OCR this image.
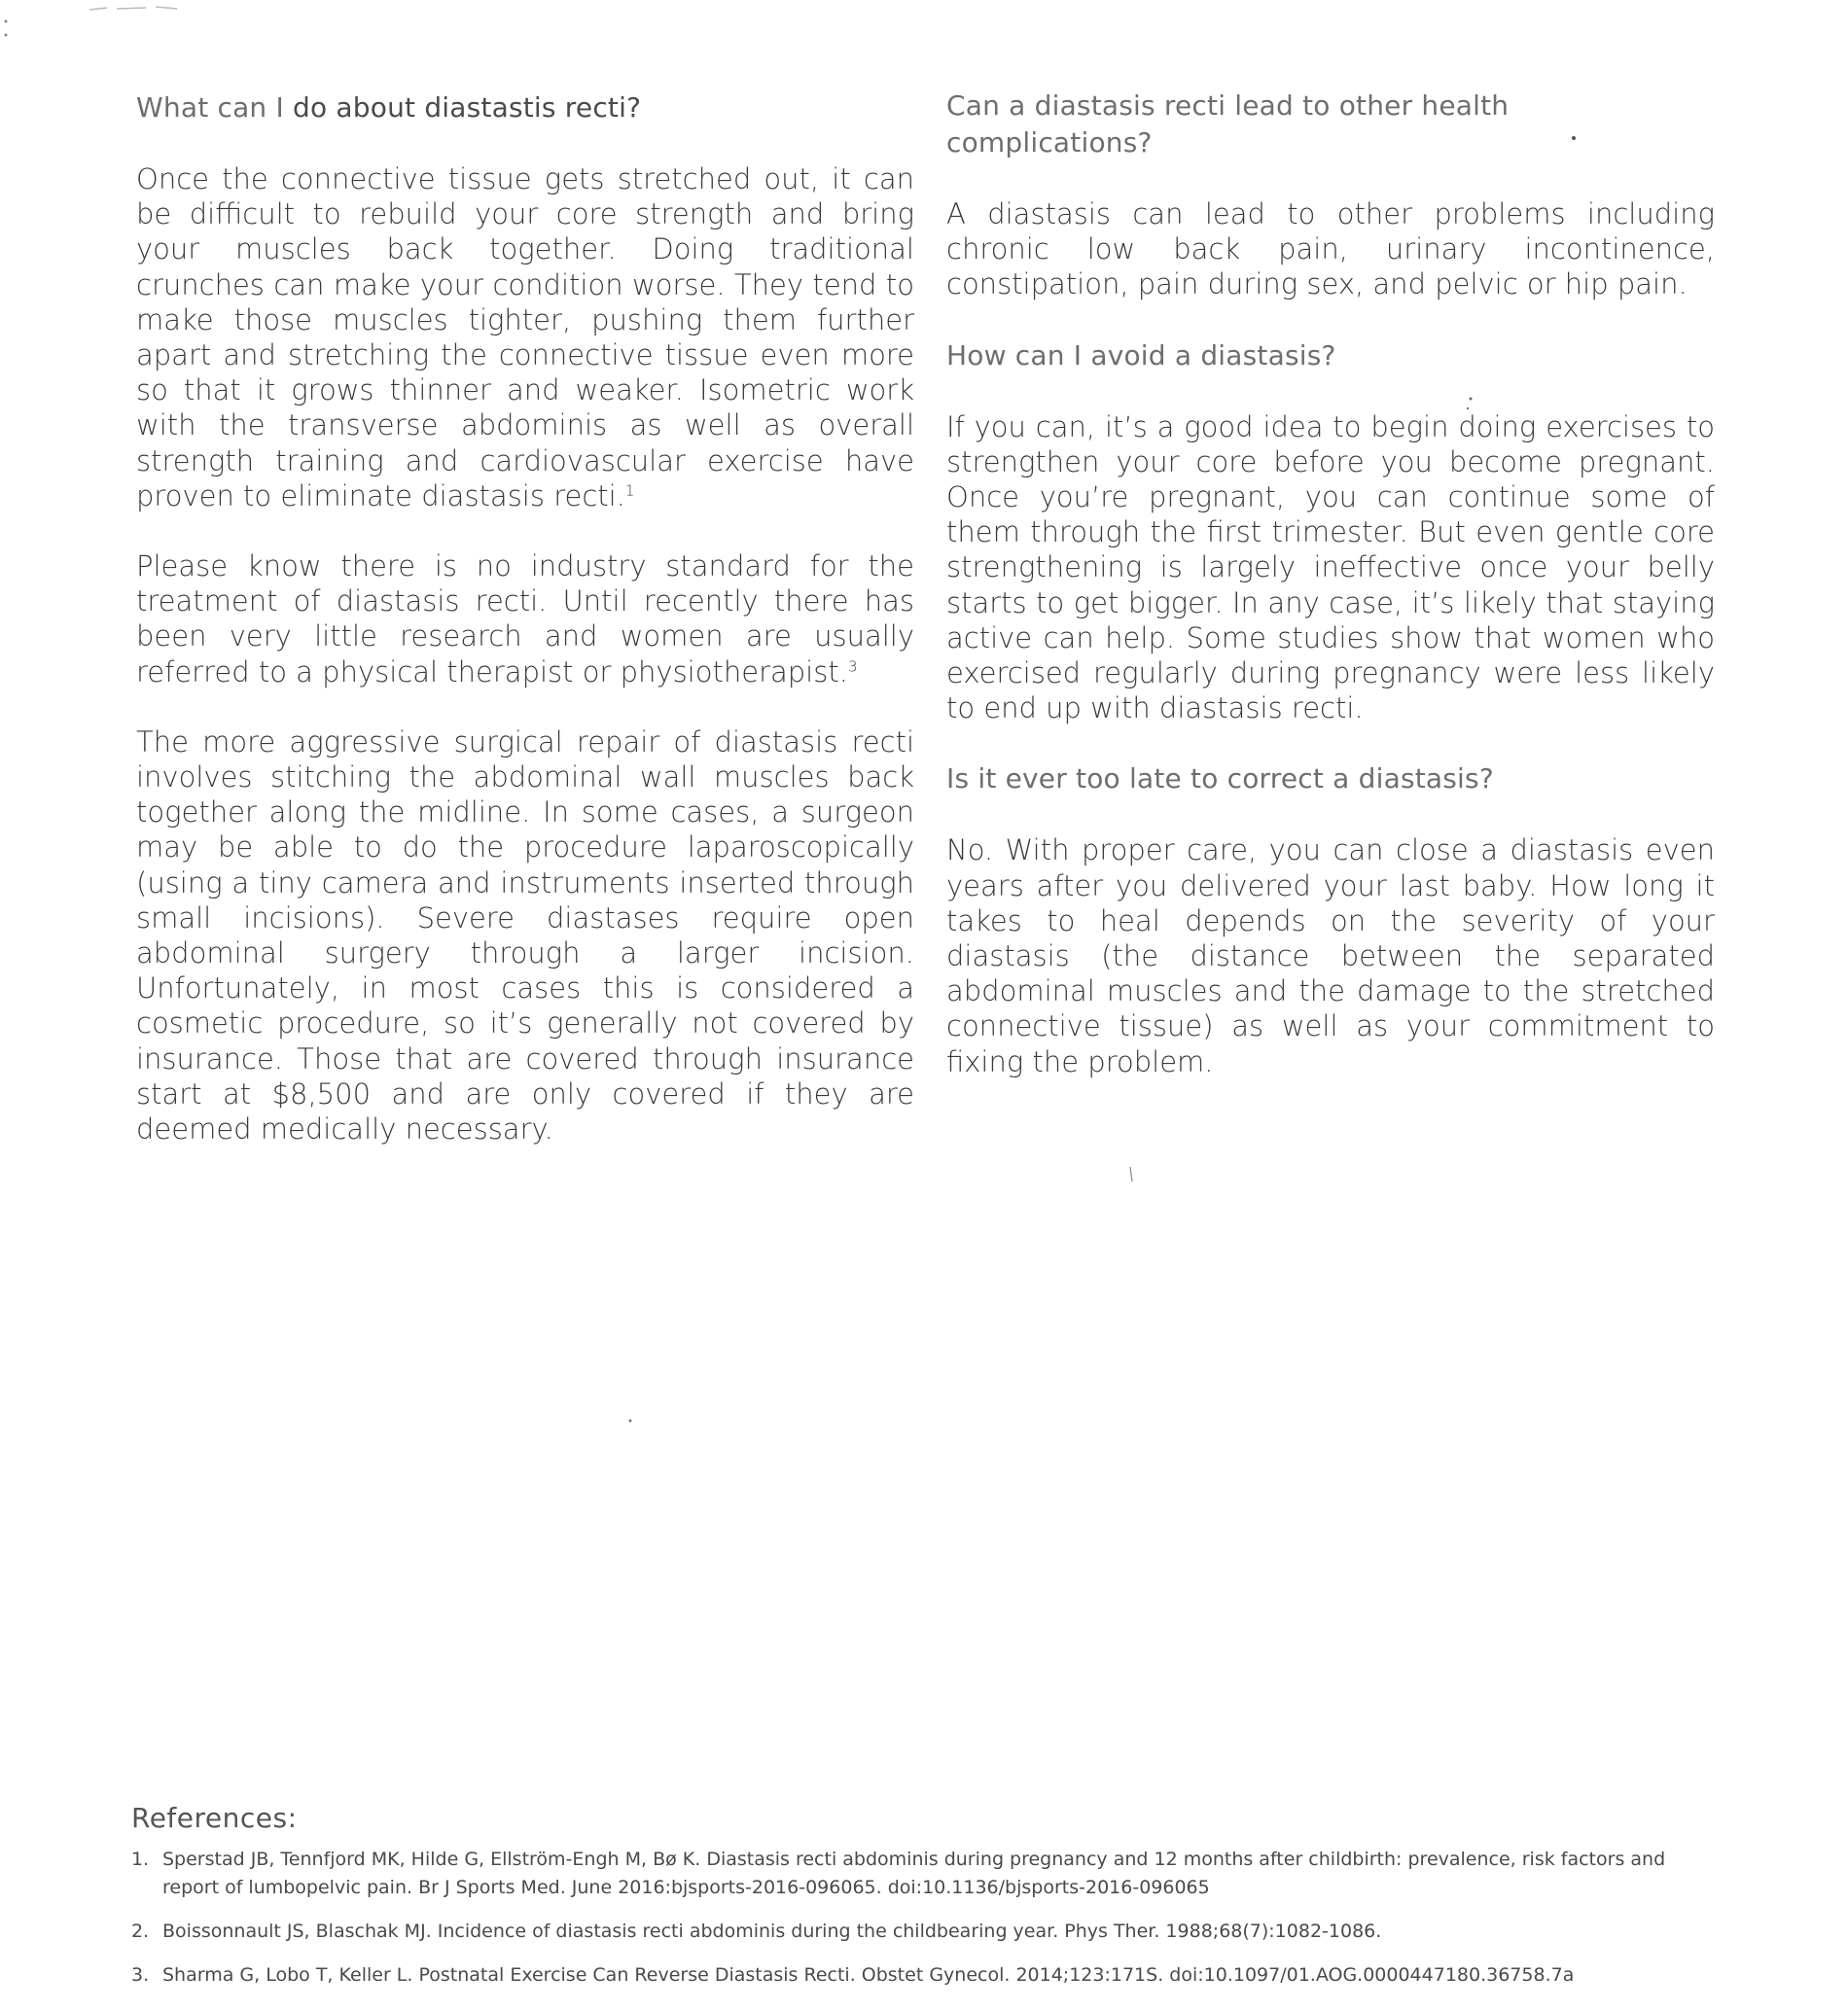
What can I do about diastastis recti?

Once the connective tissue gets stretched out, it can be difficult to rebuild your core strength and bring your muscles back together. Doing traditional crunches can make your condition worse. They tend to make those muscles tighter, pushing them further apart and stretching the connective tissue even more so that it grows thinner and weaker. Isometric work with the transverse abdominis as well as overall strength training and cardiovascular exercise have proven to eliminate diastasis recti.$^1$

Please know there is no industry standard for the treatment of diastasis recti. Until recently there has been very little research and women are usually referred to a physical therapist or physiotherapist.$^3$

The more aggressive surgical repair of diastasis recti involves stitching the abdominal wall muscles back together along the midline. In some cases, a surgeon may be able to do the procedure laparoscopically (using a tiny camera and instruments inserted through small incisions). Severe diastases require open abdominal surgery through a larger incision. Unfortunately, in most cases this is considered a cosmetic procedure, so it’s generally not covered by insurance. Those that are covered through insurance start at $8,500 and are only covered if they are deemed medically necessary.

Can a diastasis recti lead to other health complications?

A diastasis can lead to other problems including chronic low back pain, urinary incontinence, constipation, pain during sex, and pelvic or hip pain.

How can I avoid a diastasis?

If you can, it’s a good idea to begin doing exercises to strengthen your core before you become pregnant. Once you’re pregnant, you can continue some of them through the first trimester. But even gentle core strengthening is largely ineffective once your belly starts to get bigger. In any case, it’s likely that staying active can help. Some studies show that women who exercised regularly during pregnancy were less likely to end up with diastasis recti.

Is it ever too late to correct a diastasis?

No. With proper care, you can close a diastasis even years after you delivered your last baby. How long it takes to heal depends on the severity of your diastasis (the distance between the separated abdominal muscles and the damage to the stretched connective tissue) as well as your commitment to fixing the problem.

References:
1. Sperstad JB, Tennfjord MK, Hilde G, Ellström-Engh M, Bø K. Diastasis recti abdominis during pregnancy and 12 months after childbirth: prevalence, risk factors and report of lumbopelvic pain. Br J Sports Med. June 2016:bjsports-2016-096065. doi:10.1136/bjsports-2016-096065
2. Boissonnault JS, Blaschak MJ. Incidence of diastasis recti abdominis during the childbearing year. Phys Ther. 1988;68(7):1082-1086.
3. Sharma G, Lobo T, Keller L. Postnatal Exercise Can Reverse Diastasis Recti. Obstet Gynecol. 2014;123:171S. doi:10.1097/01.AOG.0000447180.36758.7a
